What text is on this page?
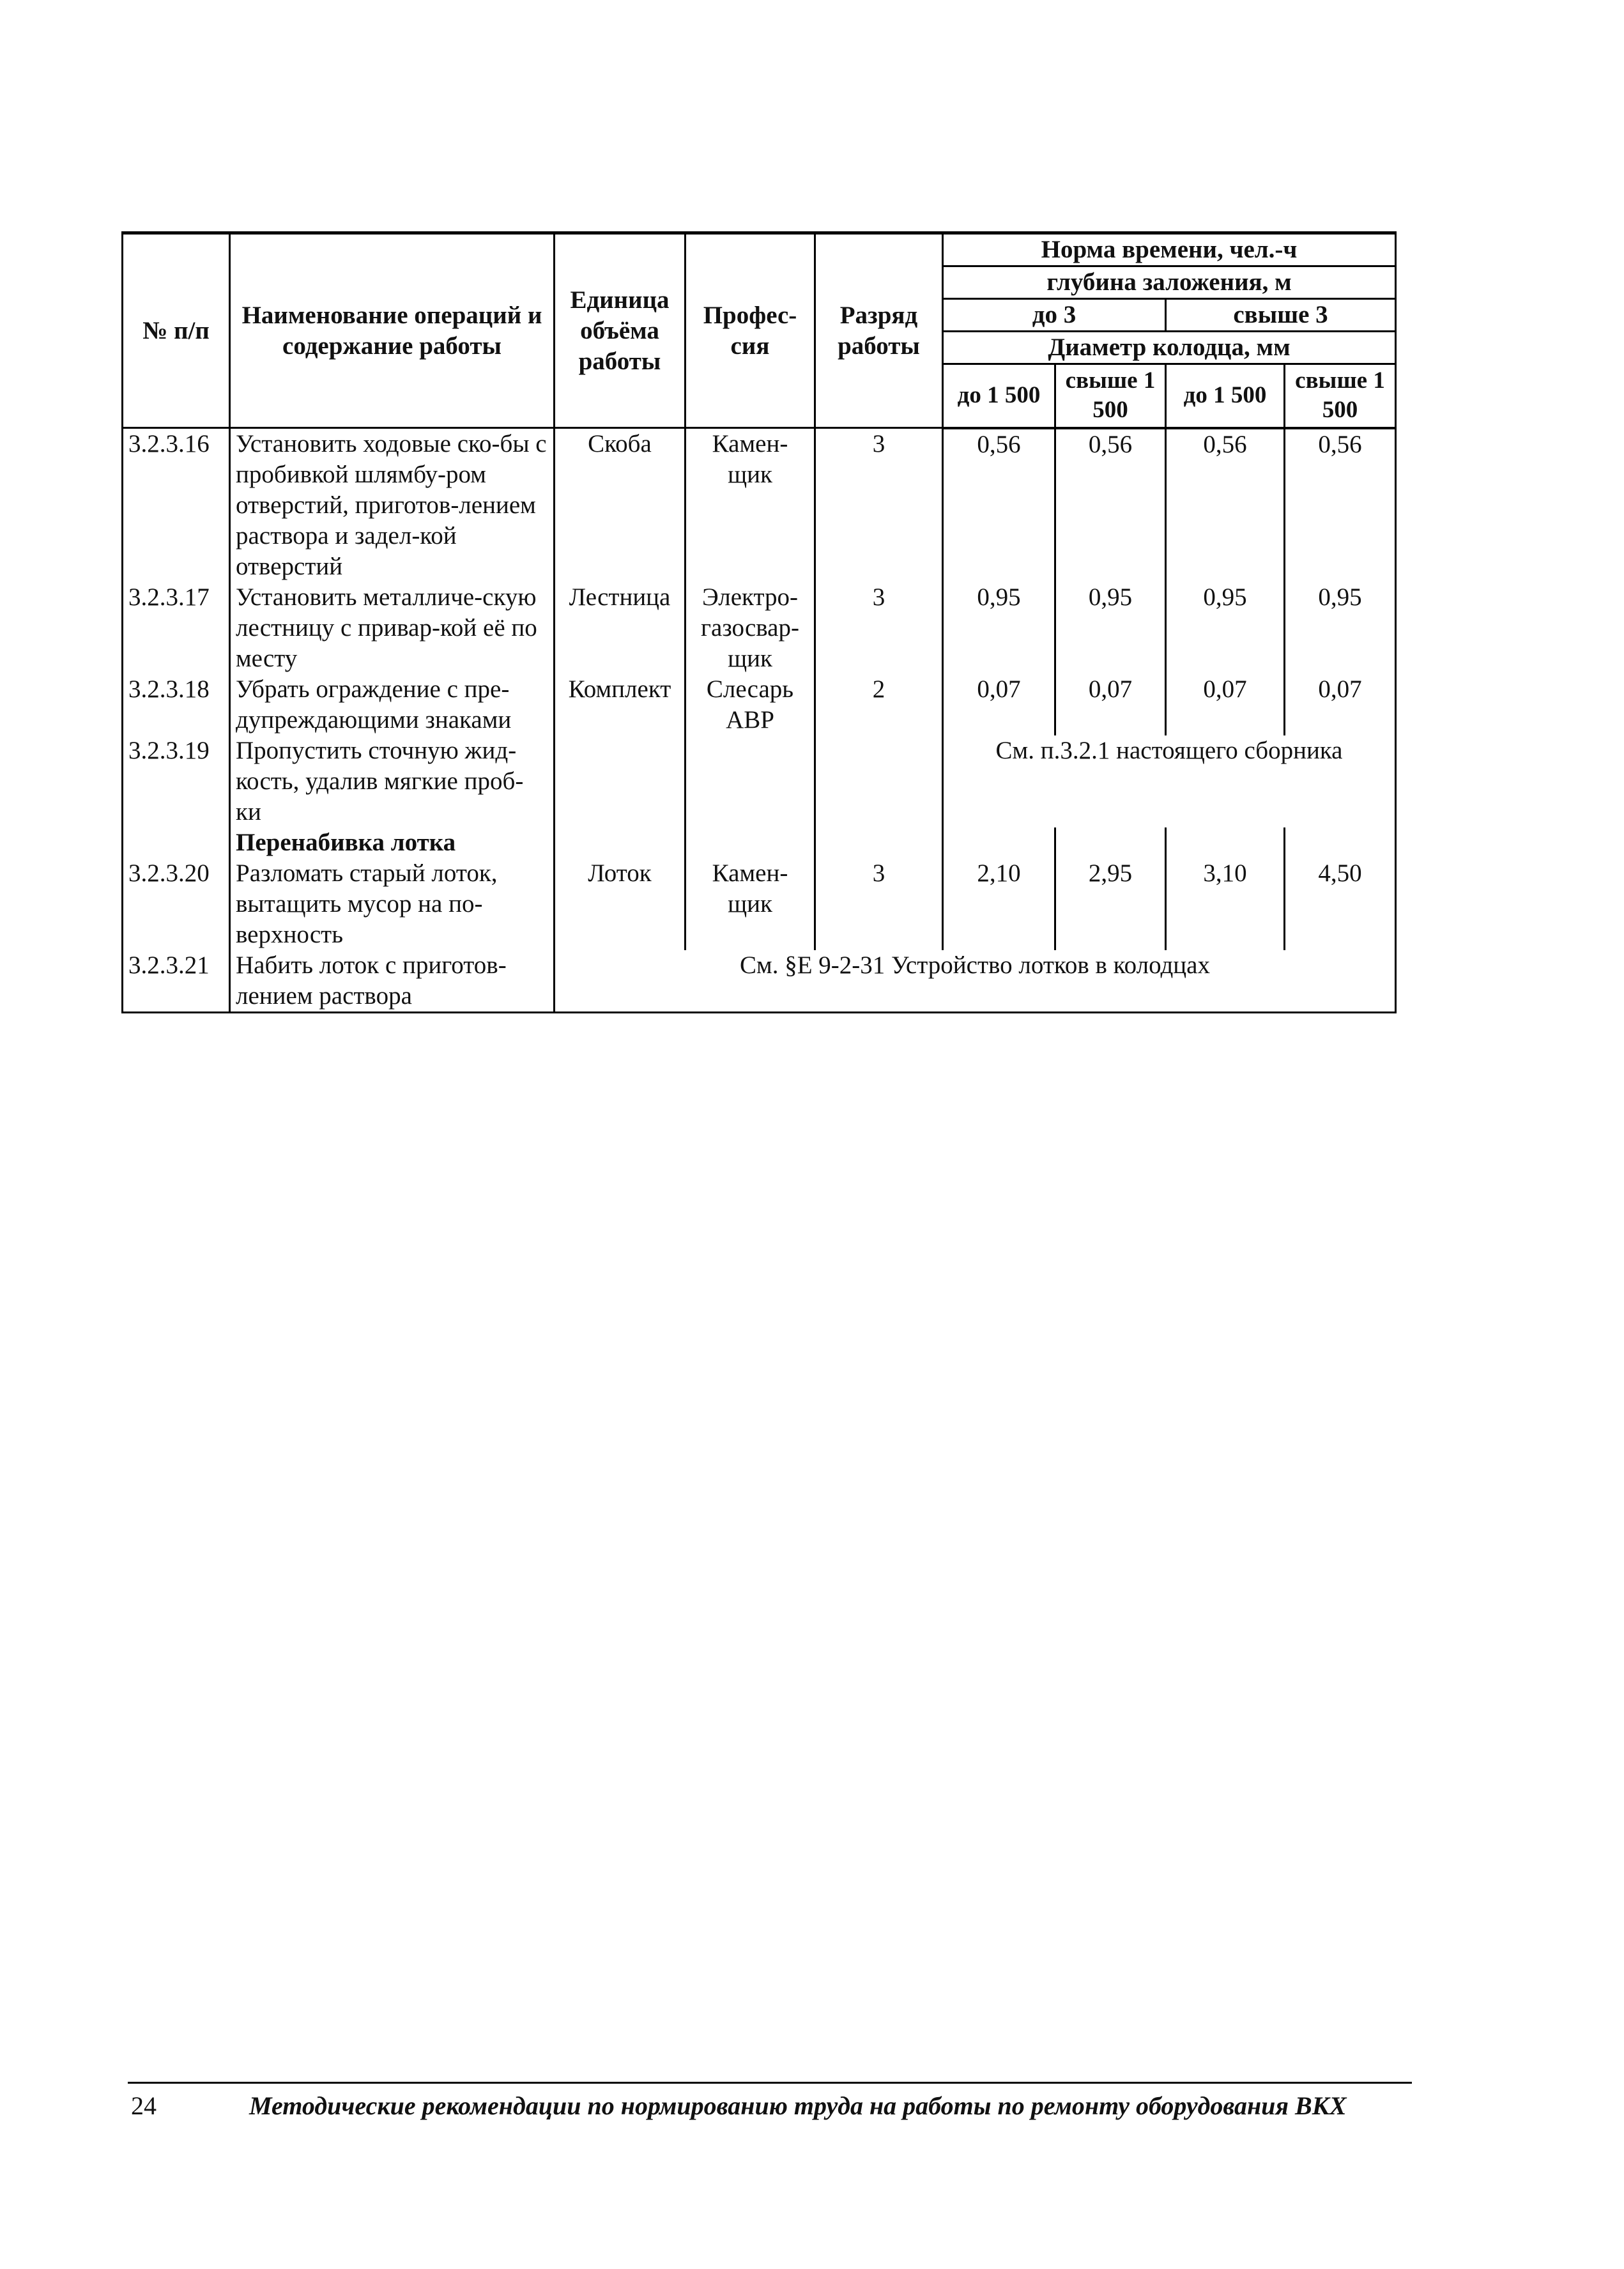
№ п/п	Наименование операций и содержание работы	Единица объёма работы	Профес-сия	Разряд работы	Норма времени, чел.-ч			
					глубина заложения, м			
					до 3		свыше 3	
					Диаметр колодца, мм			
					до 1 500	свыше 1 500	до 1 500	свыше 1 500
3.2.3.16	Установить ходовые ско-бы с пробивкой шлямбу-ром отверстий, приготов-лением раствора и задел-кой отверстий	Скоба	Камен-щик	3	0,56	0,56	0,56	0,56
3.2.3.17	Установить металличе-скую лестницу с привар-кой её по месту	Лестница	Электро-газосвар-щик	3	0,95	0,95	0,95	0,95
3.2.3.18	Убрать ограждение с пре-дупреждающими знаками	Комплект	Слесарь АВР	2	0,07	0,07	0,07	0,07
3.2.3.19	Пропустить сточную жид-кость, удалив мягкие проб-ки				См. п.3.2.1 настоящего сборника			
	Перенабивка лотка							
3.2.3.20	Разломать старый лоток, вытащить мусор на по-верхность	Лоток	Камен-щик	3	2,10	2,95	3,10	4,50
3.2.3.21	Набить лоток с приготов-лением раствора	См. §Е 9-2-31 Устройство лотков в колодцах						
24	Методические рекомендации по нормированию труда на работы по ремонту оборудования ВКХ
